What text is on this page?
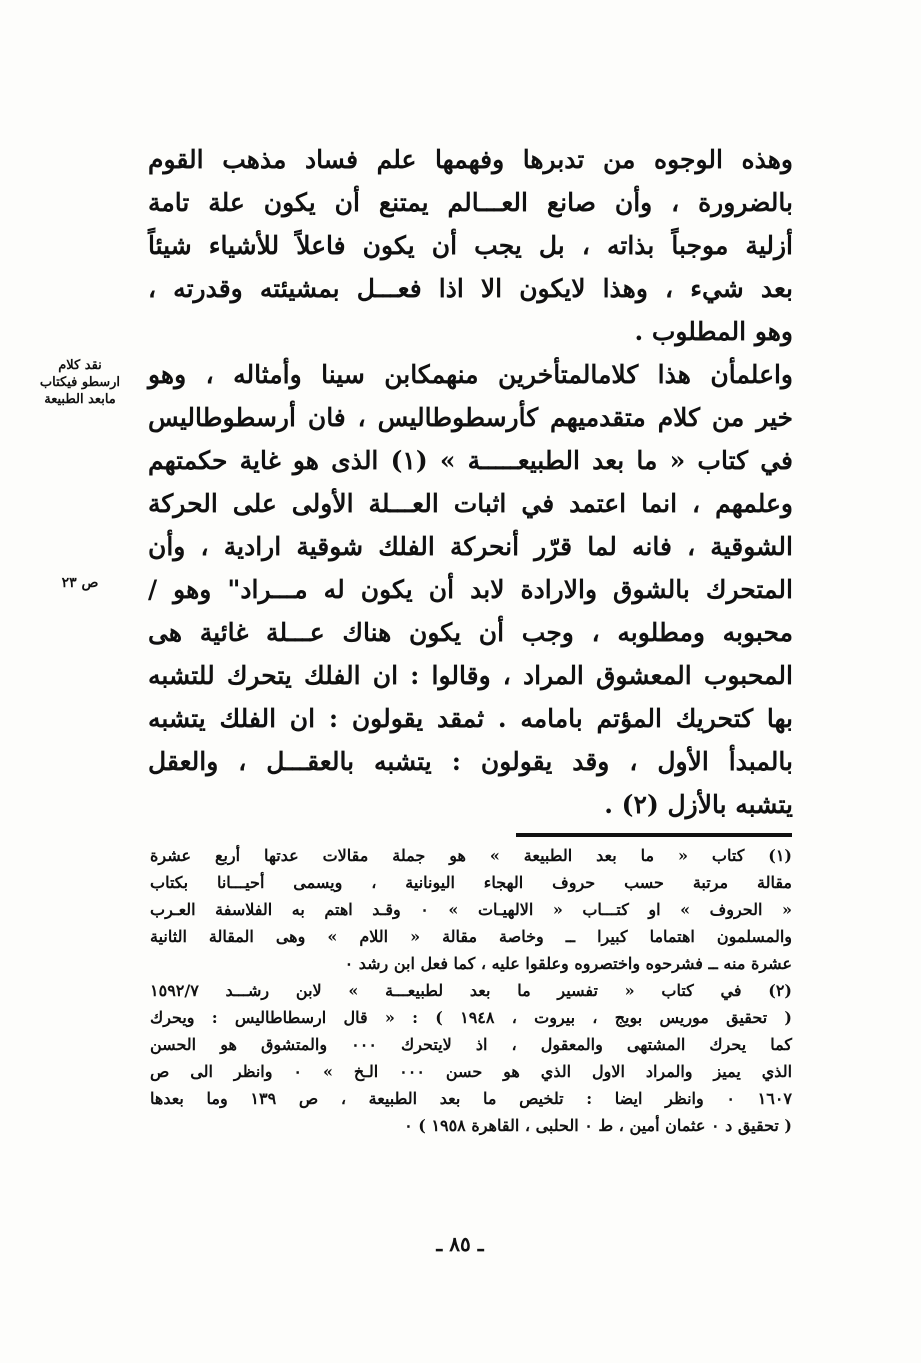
وهذه الوجوه من تدبرها وفهمها علم فساد مذهب القوم
بالضرورة ، وأن صانع العـــالم يمتنع أن يكون علة تامة
أزلية موجباً بذاته ، بل يجب أن يكون فاعلاً للأشياء شيئاً
بعد شيء ، وهذا لايكون الا اذا فعـــل بمشيئته وقدرته ،
وهو المطلوب .
واعلمأن هذا كلامالمتأخرين منهمكابن سينا وأمثاله ، وهو
خير من كلام متقدميهم كأرسطوطاليس ، فان أرسطوطاليس
في كتاب « ما بعد الطبيعـــــة » (١) الذى هو غاية حكمتهم
وعلمهم ، انما اعتمد في اثبات العـــلة الأولى على الحركة
الشوقية ، فانه لما قرّر أنحركة الفلك شوقية ارادية ، وأن
المتحرك بالشوق والارادة لابد أن يكون له مـــراد" وهو /
محبوبه ومطلوبه ، وجب أن يكون هناك عـــلة غائية هى
المحبوب المعشوق المراد ، وقالوا : ان الفلك يتحرك للتشبه
بها كتحريك المؤتم بامامه . ثمقد يقولون : ان الفلك يتشبه
بالمبدأ الأول ، وقد يقولون : يتشبه بالعقـــل ، والعقل
يتشبه بالأزل (٢) .
نقد كلام
ارسطو فيكتاب
مابعد الطبيعة
ص ٢٣
(١) كتاب « ما بعد الطبيعة » هو جملة مقالات عدتها أربع عشرة
مقالة مرتبة حسب حروف الهجاء اليونانية ، ويسمى أحيـــانا بكتاب
« الحروف » او كتـــاب « الالهيـات » ٠ وقـد اهتم به الفلاسفة العـرب
والمسلمون اهتماما كبيرا ــ وخاصة مقالة « اللام » وهى المقالة الثانية
عشرة منه ــ فشرحوه واختصروه وعلقوا عليه ، كما فعل ابن رشد ٠
(٢) في كتاب « تفسير ما بعد لطبيعـــة » لابن رشـــد ١٥٩٢/٧
( تحقيق موريس بويج ، بيروت ، ١٩٤٨ ) : « قال ارسطاطاليس : ويحرك
كما يحرك المشتهى والمعقول ، اذ لايتحرك ٠٠٠ والمتشوق هو الحسن
الذي يميز والمراد الاول الذي هو حسن ٠٠٠ الـخ » ٠ وانظر الى ص
١٦٠٧ ٠ وانظر ايضا : تلخيص ما بعد الطبيعة ، ص ١٣٩ وما بعدها
( تحقيق د ٠ عثمان أمين ، ط ٠ الحلبى ، القاهرة ١٩٥٨ ) ٠
ـ ٨٥ ـ
